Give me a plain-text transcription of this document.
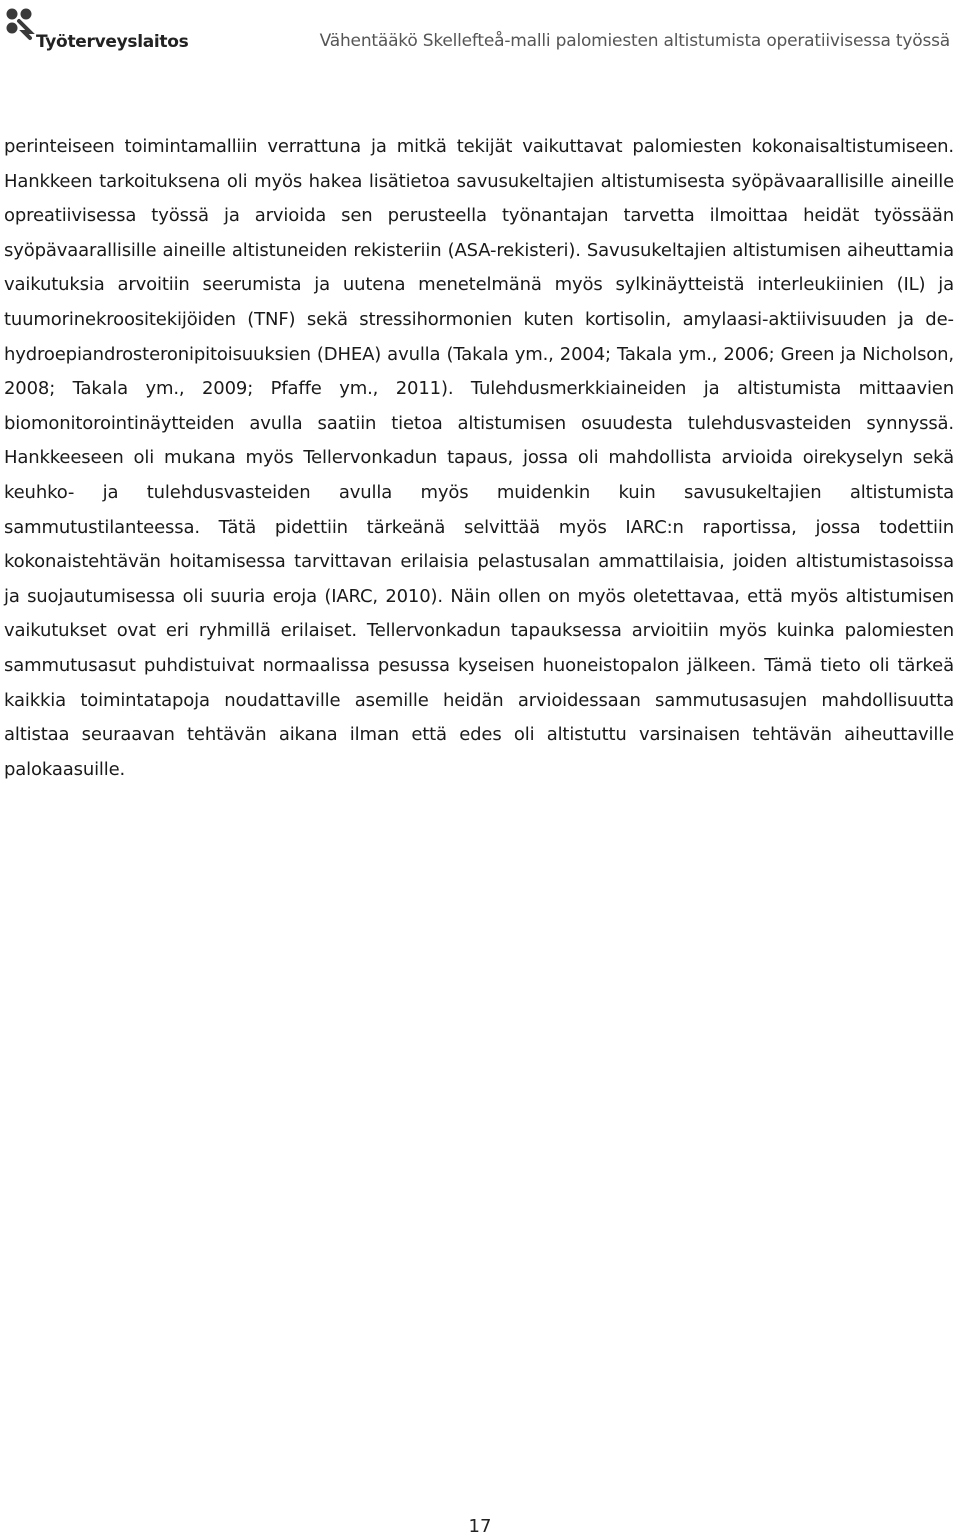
Työterveyslaitos	Vähentääkö Skellefteå-malli palomiesten altistumista operatiivisessa työssä

perinteiseen toimintamalliin verrattuna ja mitkä tekijät vaikuttavat palomiesten kokonaisaltistumiseen. Hankkeen tarkoituksena oli myös hakea lisätietoa savusukeltajien altistumisesta syöpävaarallisille aineille opreatiivisessa työssä ja arvioida sen perusteella työnantajan tarvetta ilmoittaa heidät työssään syöpävaarallisille aineille altistuneiden rekisteriin (ASA-rekisteri). Savusukeltajien altistumisen aiheuttamia vaikutuksia arvoitiin seerumista ja uutena menetelmänä myös sylkinäytteistä interleukiinien (IL) ja tuumorinekroositekijöiden (TNF) sekä stressihormonien kuten kortisolin, amylaasi-aktiivisuuden ja dehydroepiandrosteronipitoisuuksien (DHEA) avulla (Takala ym., 2004; Takala ym., 2006; Green ja Nicholson, 2008; Takala ym., 2009; Pfaffe ym., 2011). Tulehdusmerkkiaineiden ja altistumista mittaavien biomonitorointinäytteiden avulla saatiin tietoa altistumisen osuudesta tulehdusvasteiden synnyssä. Hankkeeseen oli mukana myös Tellervonkadun tapaus, jossa oli mahdollista arvioida oirekyselyn sekä keuhko- ja tulehdusvasteiden avulla myös muidenkin kuin savusukeltajien altistumista sammutustilanteessa. Tätä pidettiin tärkeänä selvittää myös IARC:n raportissa, jossa todettiin kokonaistehtävän hoitamisessa tarvittavan erilaisia pelastusalan ammattilaisia, joiden altistumistasoissa ja suojautumisessa oli suuria eroja (IARC, 2010). Näin ollen on myös oletettavaa, että myös altistumisen vaikutukset ovat eri ryhmillä erilaiset. Tellervonkadun tapauksessa arvioitiin myös kuinka palomiesten sammutusasut puhdistuivat normaalissa pesussa kyseisen huoneistopalon jälkeen. Tämä tieto oli tärkeä kaikkia toimintatapoja noudattaville asemille heidän arvioidessaan sammutusasujen mahdollisuutta altistaa seuraavan tehtävän aikana ilman että edes oli altistuttu varsinaisen tehtävän aiheuttaville palokaasuille.

17
